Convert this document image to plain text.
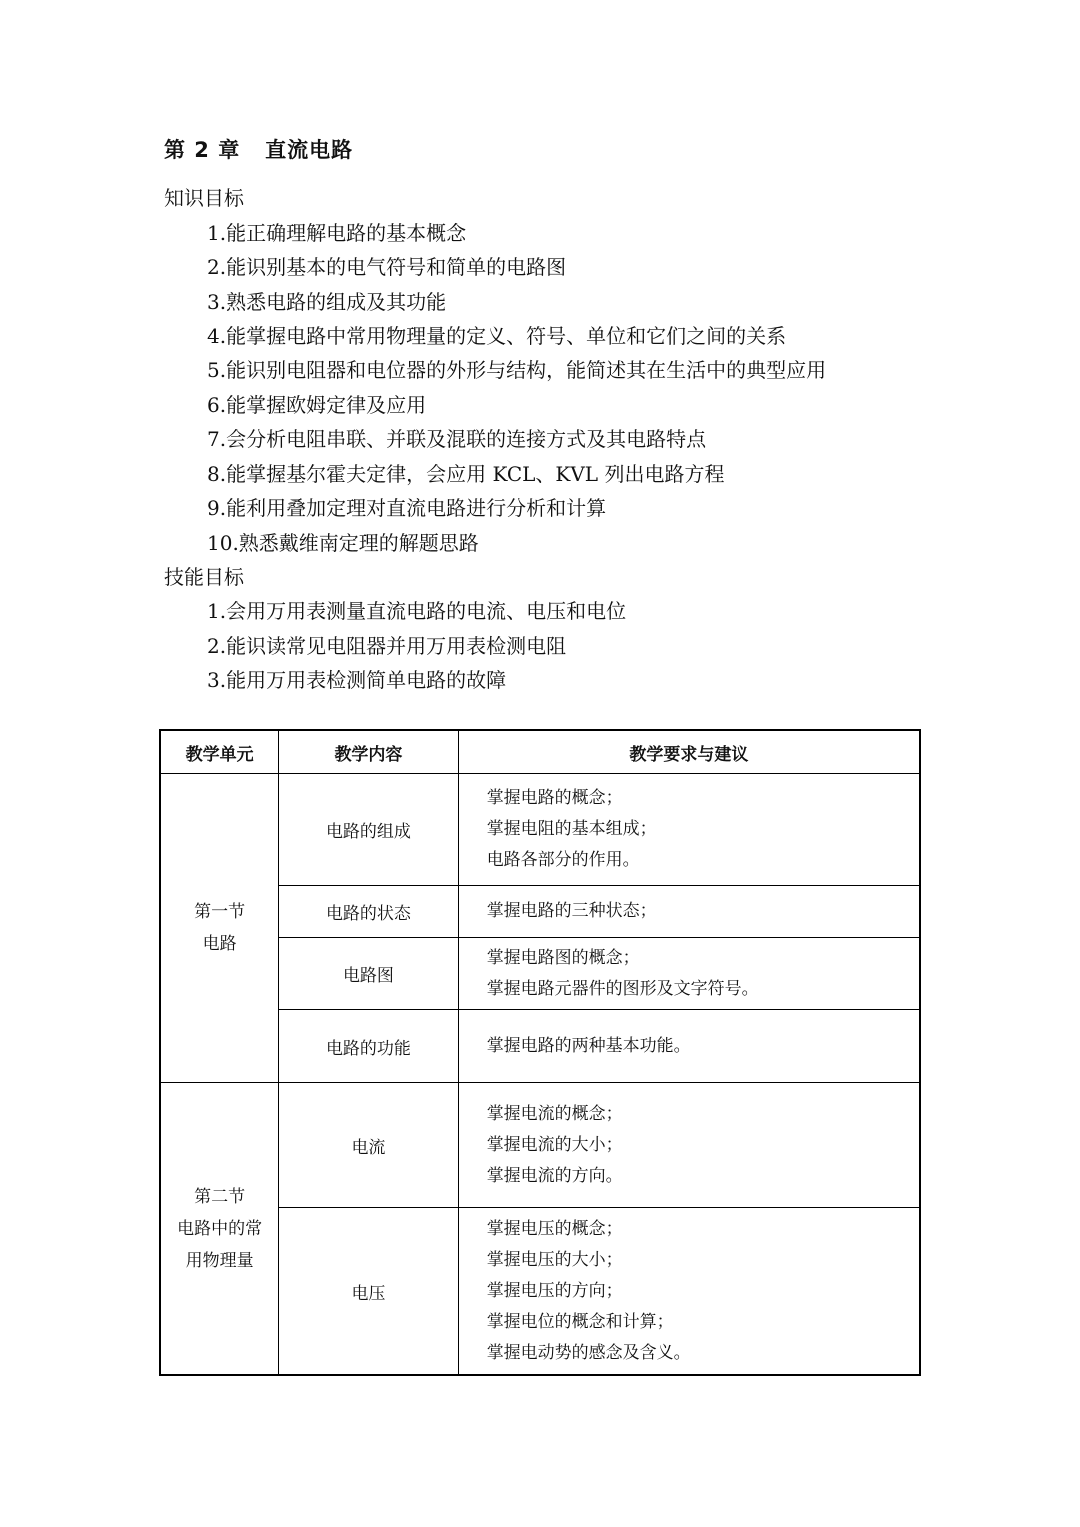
第 2 章   直流电路
知识目标
1.能正确理解电路的基本概念
2.能识别基本的电气符号和简单的电路图
3.熟悉电路的组成及其功能
4.能掌握电路中常用物理量的定义、符号、单位和它们之间的关系
5.能识别电阻器和电位器的外形与结构，能简述其在生活中的典型应用
6.能掌握欧姆定律及应用
7.会分析电阻串联、并联及混联的连接方式及其电路特点
8.能掌握基尔霍夫定律，会应用 KCL、KVL 列出电路方程
9.能利用叠加定理对直流电路进行分析和计算
10.熟悉戴维南定理的解题思路
技能目标
1.会用万用表测量直流电路的电流、电压和电位
2.能识读常见电阻器并用万用表检测电阻
3.能用万用表检测简单电路的故障
教学单元	教学内容	教学要求与建议

第一节
电路	电路的组成	掌握电路的概念；
掌握电阻的基本组成；
电路各部分的作用。

	电路的状态	掌握电路的三种状态；

	电路图	掌握电路图的概念；
掌握电路元器件的图形及文字符号。

	电路的功能	掌握电路的两种基本功能。

第二节
电路中的常
用物理量	电流	掌握电流的概念；
掌握电流的大小；
掌握电流的方向。

	电压	掌握电压的概念；
掌握电压的大小；
掌握电压的方向；
掌握电位的概念和计算；
掌握电动势的感念及含义。
